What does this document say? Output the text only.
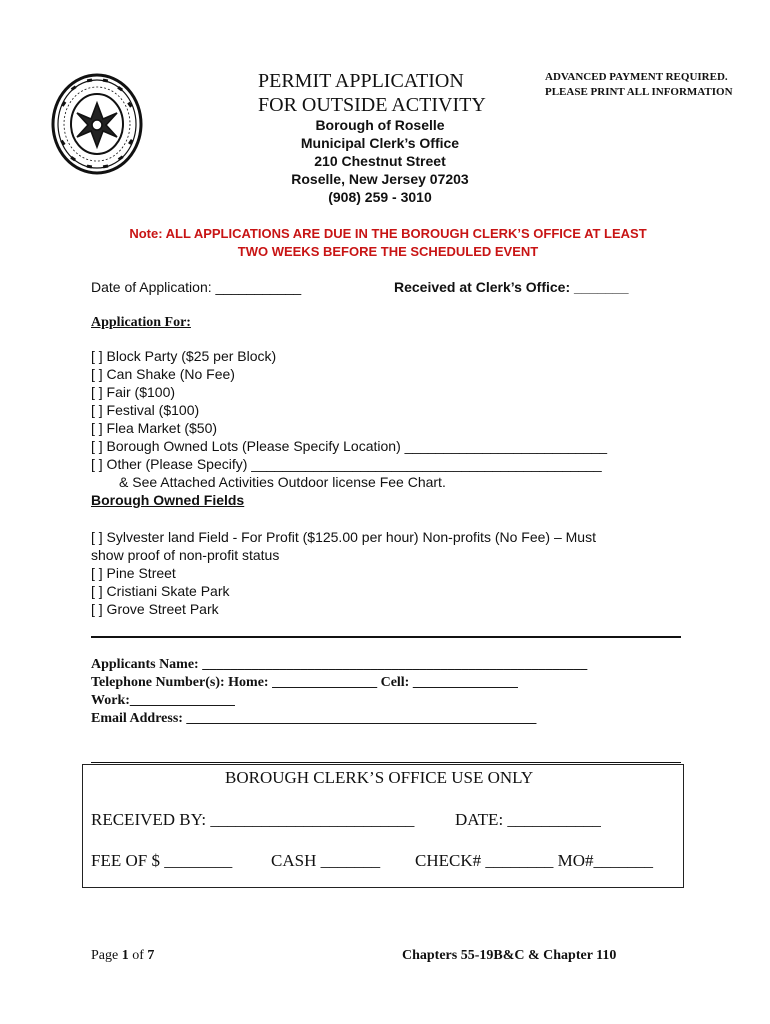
PERMIT APPLICATION
FOR OUTSIDE ACTIVITY
ADVANCED PAYMENT REQUIRED.
PLEASE PRINT ALL INFORMATION
Borough of Roselle
Municipal Clerk’s Office
210 Chestnut Street
Roselle, New Jersey 07203
(908) 259 - 3010
Note: ALL APPLICATIONS ARE DUE IN THE BOROUGH CLERK’S OFFICE AT LEAST
TWO WEEKS BEFORE THE SCHEDULED EVENT
Date of Application: ___________	Received at Clerk’s Office: _______
Application For:
[ ] Block Party ($25 per Block)
[ ] Can Shake (No Fee)
[ ] Fair ($100)
[ ] Festival ($100)
[ ] Flea Market ($50)
[ ] Borough Owned Lots (Please Specify Location) __________________________
[ ] Other (Please Specify) _____________________________________________
& See Attached Activities Outdoor license Fee Chart.
Borough Owned Fields
[ ] Sylvester land Field - For Profit ($125.00 per hour) Non-profits (No Fee) – Must
show proof of non-profit status
[ ] Pine Street
[ ] Cristiani Skate Park
[ ] Grove Street Park
Applicants Name: _______________________________________________________
Telephone Number(s): Home: _______________ Cell: _______________
Work:_______________
Email Address: __________________________________________________
BOROUGH CLERK’S OFFICE USE ONLY
RECEIVED BY: ________________________ DATE: ___________
FEE OF $ ________ CASH _______ CHECK# ________ MO#_______
Page 1 of 7	Chapters 55-19B&C & Chapter 110
